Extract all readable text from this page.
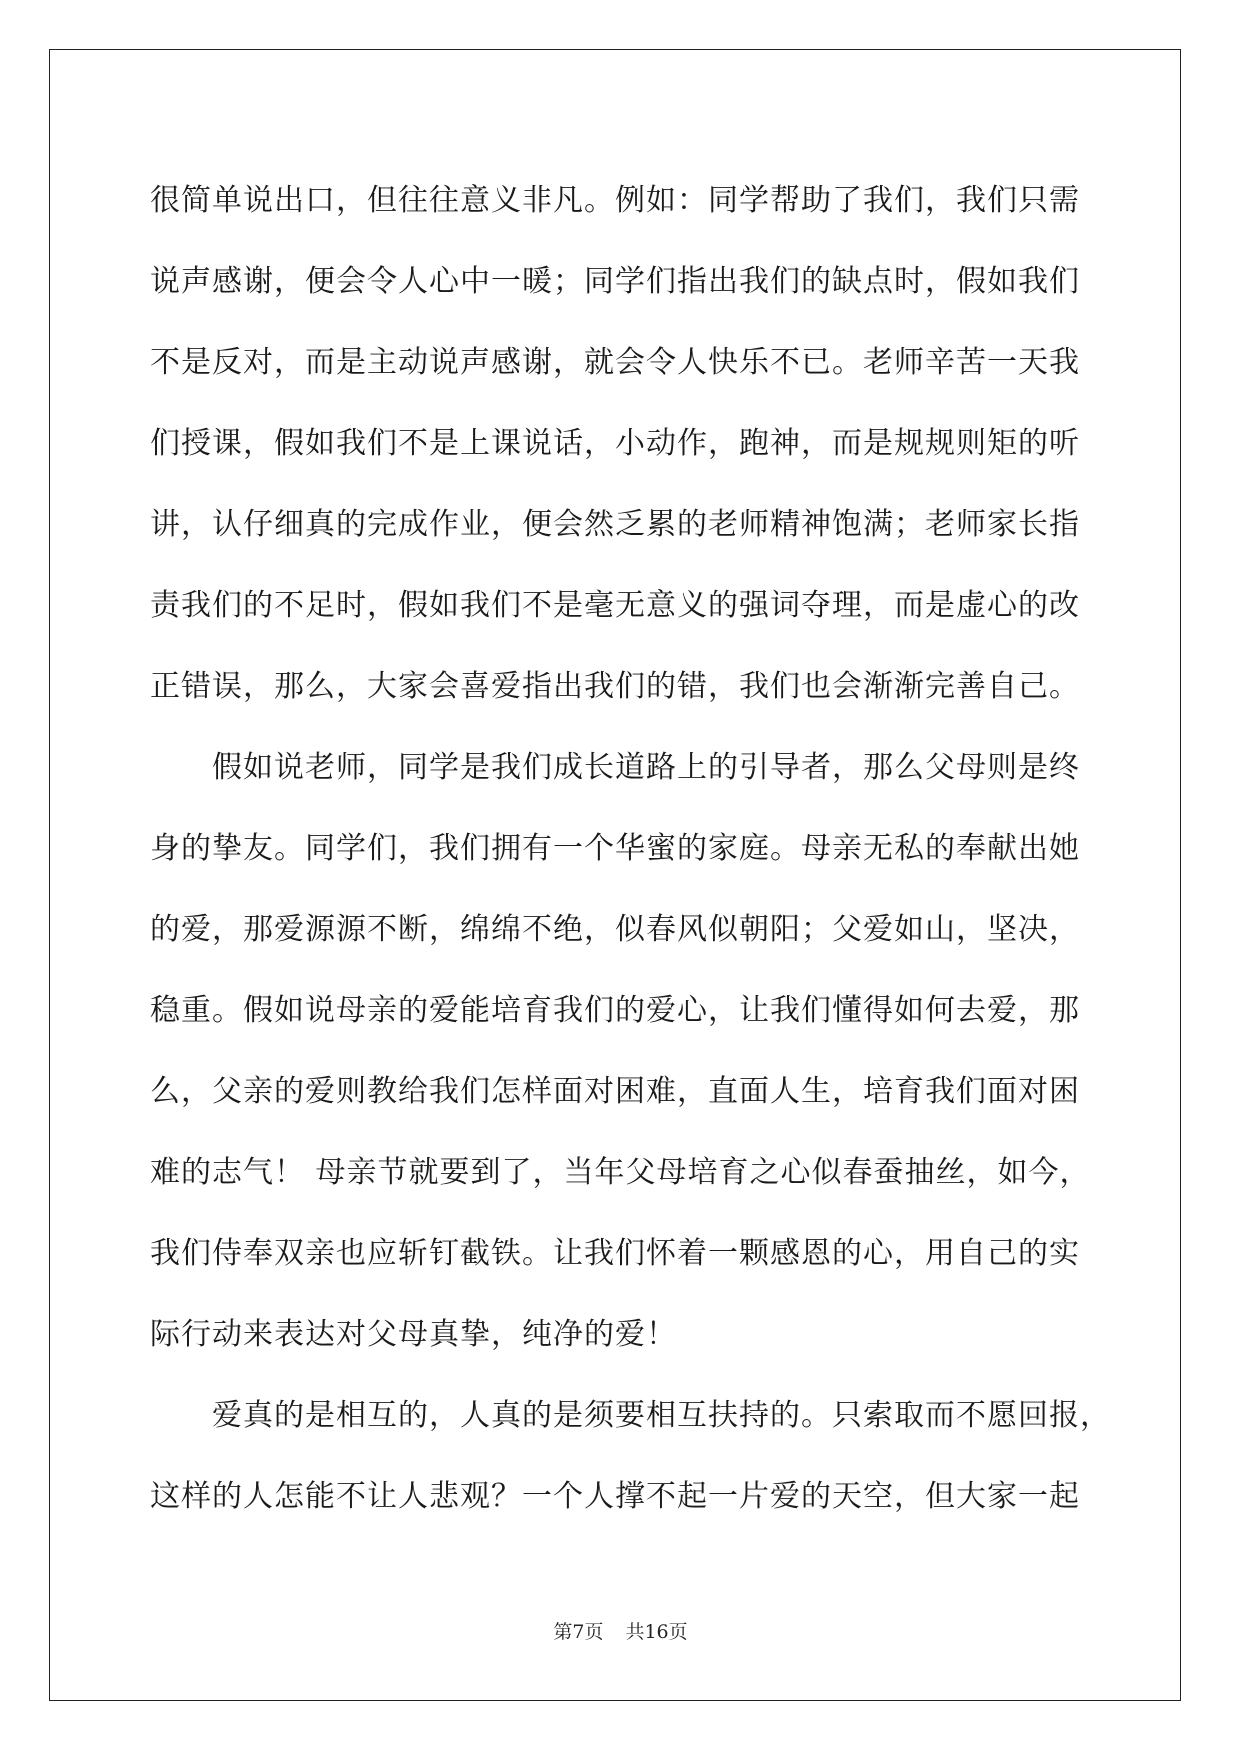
很简单说出口，但往往意义非凡。例如：同学帮助了我们，我们只需
说声感谢，便会令人心中一暖；同学们指出我们的缺点时，假如我们
不是反对，而是主动说声感谢，就会令人快乐不已。老师辛苦一天我
们授课，假如我们不是上课说话，小动作，跑神，而是规规则矩的听
讲，认仔细真的完成作业，便会然乏累的老师精神饱满；老师家长指
责我们的不足时，假如我们不是毫无意义的强词夺理，而是虚心的改
正错误，那么，大家会喜爱指出我们的错，我们也会渐渐完善自己。
假如说老师，同学是我们成长道路上的引导者，那么父母则是终
身的挚友。同学们，我们拥有一个华蜜的家庭。母亲无私的奉献出她
的爱，那爱源源不断，绵绵不绝，似春风似朝阳；父爱如山，坚决，
稳重。假如说母亲的爱能培育我们的爱心，让我们懂得如何去爱，那
么，父亲的爱则教给我们怎样面对困难，直面人生，培育我们面对困
难的志气！ 母亲节就要到了，当年父母培育之心似春蚕抽丝，如今，
我们侍奉双亲也应斩钉截铁。让我们怀着一颗感恩的心，用自己的实
际行动来表达对父母真挚，纯净的爱！
爱真的是相互的，人真的是须要相互扶持的。只索取而不愿回报，
这样的人怎能不让人悲观？一个人撑不起一片爱的天空，但大家一起
第7页 共16页
